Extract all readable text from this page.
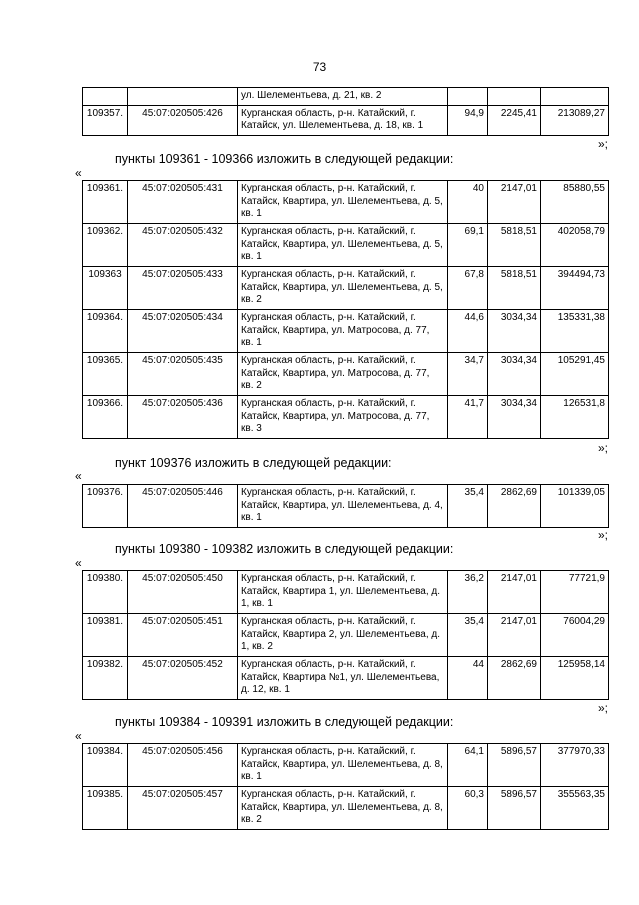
73
		ул. Шелементьева, д. 21, кв. 2			
109357.	45:07:020505:426	Курганская область, р-н. Катайский, г. Катайск, ул. Шелементьева, д. 18, кв. 1	94,9	2245,41	213089,27
»;
пункты 109361 - 109366 изложить в следующей редакции:
«
109361.	45:07:020505:431	Курганская область, р-н. Катайский, г. Катайск, Квартира, ул. Шелементьева, д. 5, кв. 1	40	2147,01	85880,55
109362.	45:07:020505:432	Курганская область, р-н. Катайский, г. Катайск, Квартира, ул. Шелементьева, д. 5, кв. 1	69,1	5818,51	402058,79
109363	45:07:020505:433	Курганская область, р-н. Катайский, г. Катайск, Квартира, ул. Шелементьева, д. 5, кв. 2	67,8	5818,51	394494,73
109364.	45:07:020505:434	Курганская область, р-н. Катайский, г. Катайск, Квартира, ул. Матросова, д. 77, кв. 1	44,6	3034,34	135331,38
109365.	45:07:020505:435	Курганская область, р-н. Катайский, г. Катайск, Квартира, ул. Матросова, д. 77, кв. 2	34,7	3034,34	105291,45
109366.	45:07:020505:436	Курганская область, р-н. Катайский, г. Катайск, Квартира, ул. Матросова, д. 77, кв. 3	41,7	3034,34	126531,8
»;
пункт 109376 изложить в следующей редакции:
«
109376.	45:07:020505:446	Курганская область, р-н. Катайский, г. Катайск, Квартира, ул. Шелементьева, д. 4, кв. 1	35,4	2862,69	101339,05
»;
пункты 109380 - 109382 изложить в следующей редакции:
«
109380.	45:07:020505:450	Курганская область, р-н. Катайский, г. Катайск, Квартира 1, ул. Шелементьева, д. 1, кв. 1	36,2	2147,01	77721,9
109381.	45:07:020505:451	Курганская область, р-н. Катайский, г. Катайск, Квартира 2, ул. Шелементьева, д. 1, кв. 2	35,4	2147,01	76004,29
109382.	45:07:020505:452	Курганская область, р-н. Катайский, г. Катайск, Квартира №1, ул. Шелементьева, д. 12, кв. 1	44	2862,69	125958,14
»;
пункты 109384 - 109391 изложить в следующей редакции:
«
109384.	45:07:020505:456	Курганская область, р-н. Катайский, г. Катайск, Квартира, ул. Шелементьева, д. 8, кв. 1	64,1	5896,57	377970,33
109385.	45:07:020505:457	Курганская область, р-н. Катайский, г. Катайск, Квартира, ул. Шелементьева, д. 8, кв. 2	60,3	5896,57	355563,35
